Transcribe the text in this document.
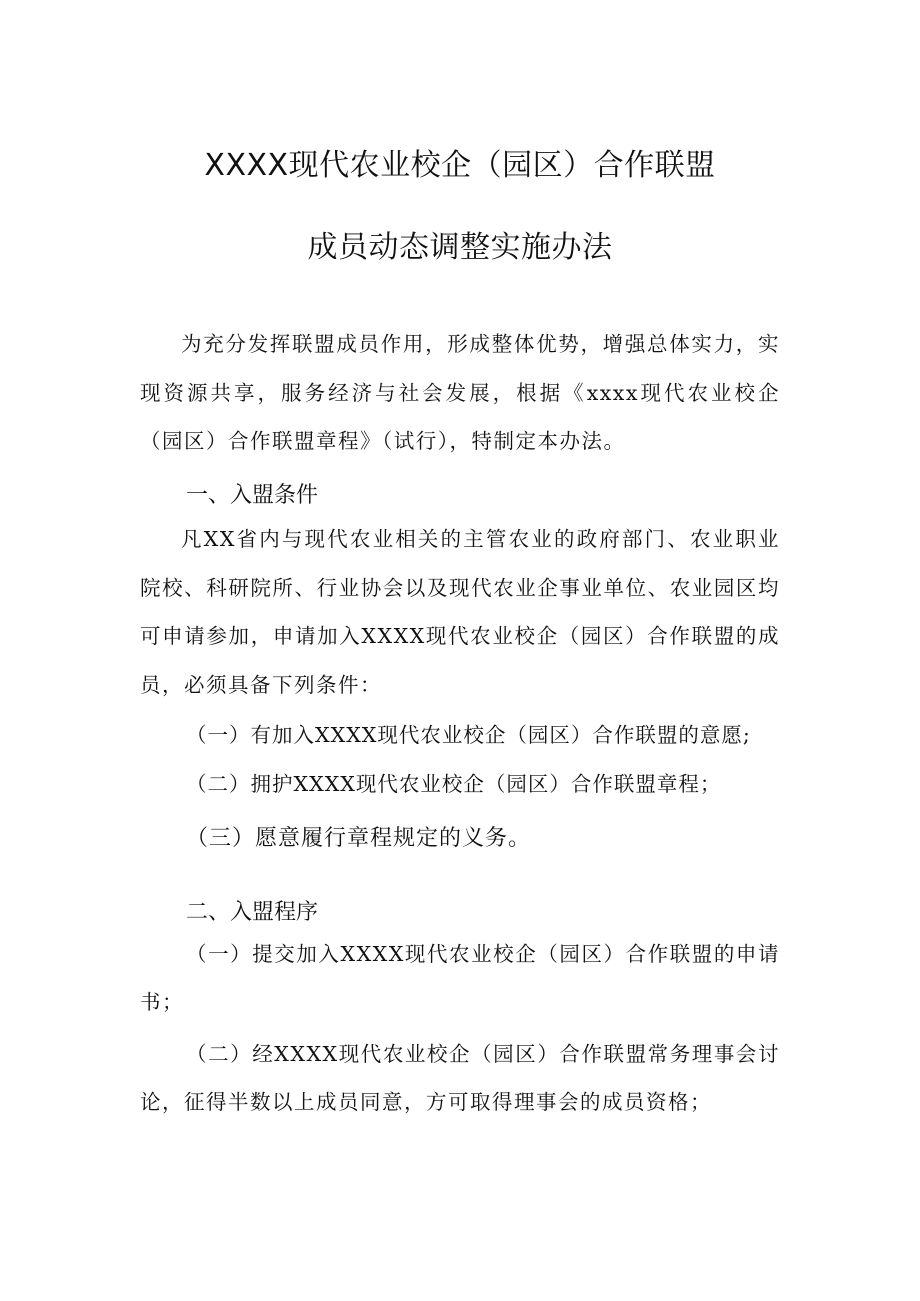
XXXX现代农业校企（园区）合作联盟
成员动态调整实施办法
为充分发挥联盟成员作用，形成整体优势，增强总体实力，实现资源共享，服务经济与社会发展，根据《xxxx现代农业校企（园区）合作联盟章程》（试行），特制定本办法。
一、入盟条件
凡XX省内与现代农业相关的主管农业的政府部门、农业职业院校、科研院所、行业协会以及现代农业企事业单位、农业园区均可申请参加，申请加入XXXX现代农业校企（园区）合作联盟的成员，必须具备下列条件：
（一）有加入XXXX现代农业校企（园区）合作联盟的意愿;
（二）拥护XXXX现代农业校企（园区）合作联盟章程；
（三）愿意履行章程规定的义务。
二、入盟程序
（一）提交加入XXXX现代农业校企（园区）合作联盟的申请书；
（二）经XXXX现代农业校企（园区）合作联盟常务理事会讨论，征得半数以上成员同意，方可取得理事会的成员资格；
